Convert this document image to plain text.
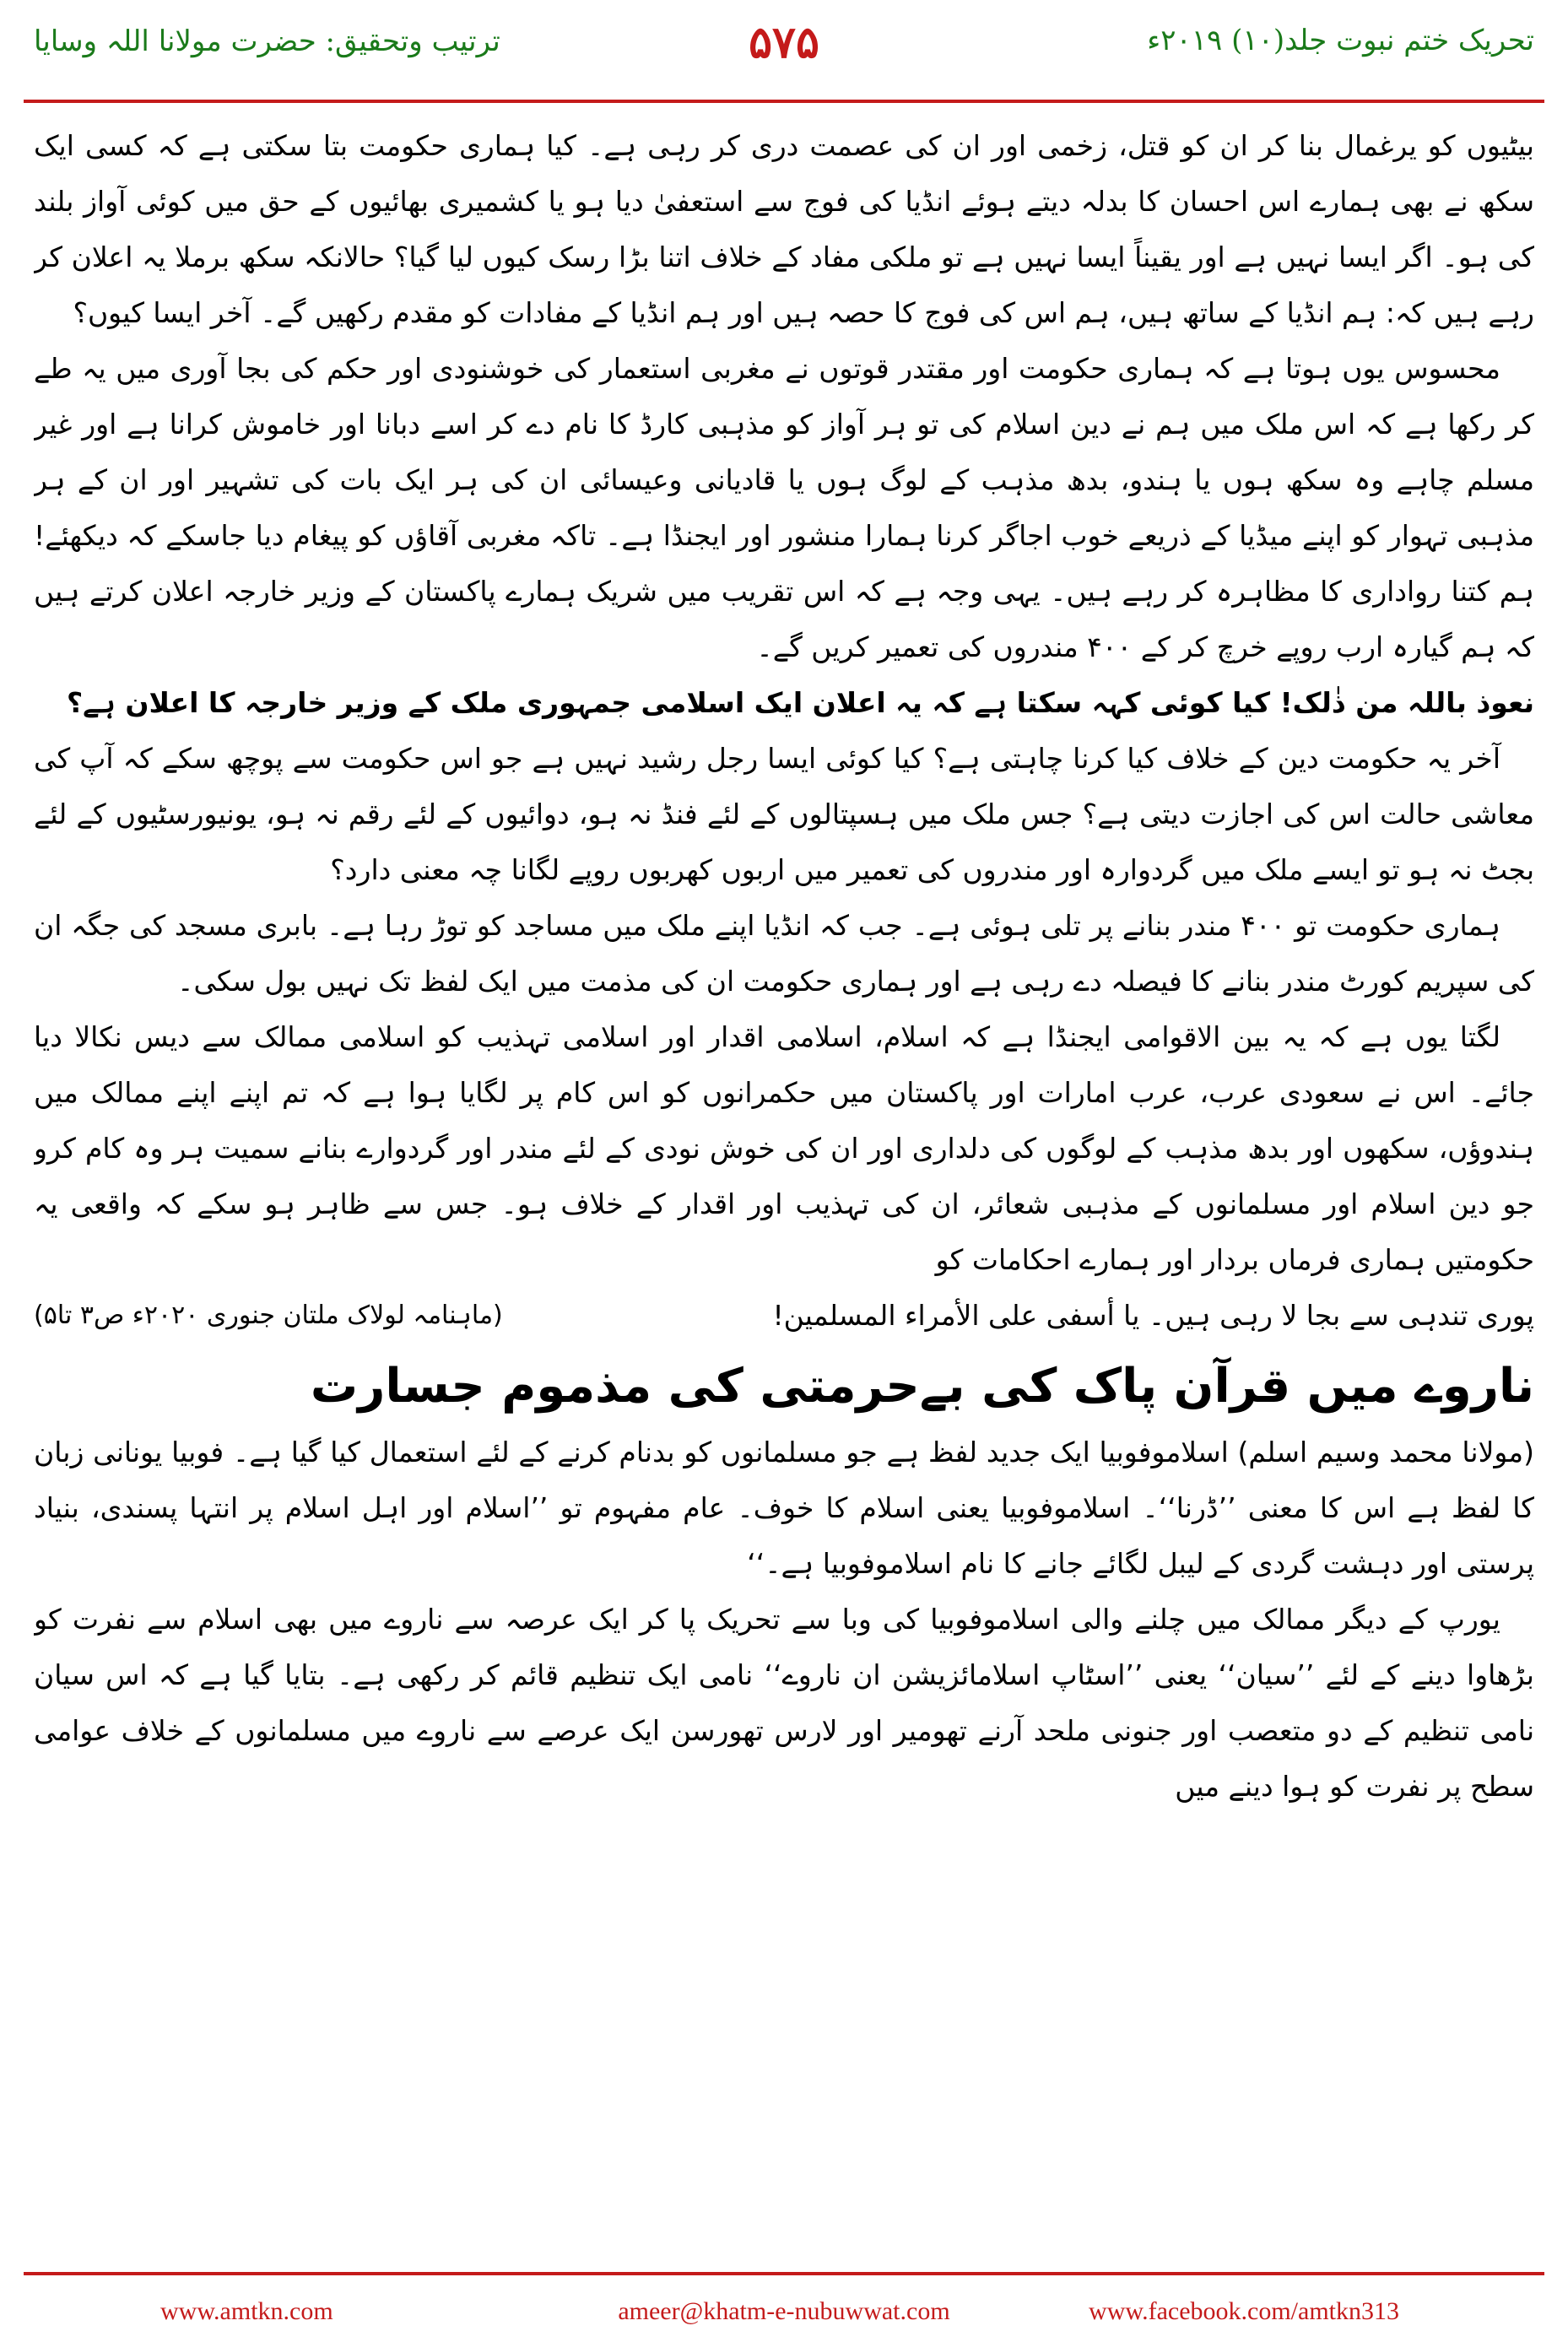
ترتیب وتحقیق: حضرت مولانا اللہ وسایا	۵۷۵	تحریک ختم نبوت جلد(۱۰) ۲۰۱۹ء

بیٹیوں کو یرغمال بنا کر ان کو قتل، زخمی اور ان کی عصمت دری کر رہی ہے۔ کیا ہماری حکومت بتا سکتی ہے کہ کسی ایک سکھ نے بھی ہمارے اس احسان کا بدلہ دیتے ہوئے انڈیا کی فوج سے استعفیٰ دیا ہو یا کشمیری بھائیوں کے حق میں کوئی آواز بلند کی ہو۔ اگر ایسا نہیں ہے اور یقیناً ایسا نہیں ہے تو ملکی مفاد کے خلاف اتنا بڑا رسک کیوں لیا گیا؟ حالانکہ سکھ برملا یہ اعلان کر رہے ہیں کہ: ہم انڈیا کے ساتھ ہیں، ہم اس کی فوج کا حصہ ہیں اور ہم انڈیا کے مفادات کو مقدم رکھیں گے۔ آخر ایسا کیوں؟

محسوس یوں ہوتا ہے کہ ہماری حکومت اور مقتدر قوتوں نے مغربی استعمار کی خوشنودی اور حکم کی بجا آوری میں یہ طے کر رکھا ہے کہ اس ملک میں ہم نے دین اسلام کی تو ہر آواز کو مذہبی کارڈ کا نام دے کر اسے دبانا اور خاموش کرانا ہے اور غیر مسلم چاہے وہ سکھ ہوں یا ہندو، بدھ مذہب کے لوگ ہوں یا قادیانی وعیسائی ان کی ہر ایک بات کی تشہیر اور ان کے ہر مذہبی تہوار کو اپنے میڈیا کے ذریعے خوب اجاگر کرنا ہمارا منشور اور ایجنڈا ہے۔ تاکہ مغربی آقاؤں کو پیغام دیا جاسکے کہ دیکھئے! ہم کتنا رواداری کا مظاہرہ کر رہے ہیں۔ یہی وجہ ہے کہ اس تقریب میں شریک ہمارے پاکستان کے وزیر خارجہ اعلان کرتے ہیں کہ ہم گیارہ ارب روپے خرچ کر کے ۴۰۰ مندروں کی تعمیر کریں گے۔

نعوذ باللہ من ذٰلک! کیا کوئی کہہ سکتا ہے کہ یہ اعلان ایک اسلامی جمہوری ملک کے وزیر خارجہ کا اعلان ہے؟

آخر یہ حکومت دین کے خلاف کیا کرنا چاہتی ہے؟ کیا کوئی ایسا رجل رشید نہیں ہے جو اس حکومت سے پوچھ سکے کہ آپ کی معاشی حالت اس کی اجازت دیتی ہے؟ جس ملک میں ہسپتالوں کے لئے فنڈ نہ ہو، دوائیوں کے لئے رقم نہ ہو، یونیورسٹیوں کے لئے بجٹ نہ ہو تو ایسے ملک میں گردوارہ اور مندروں کی تعمیر میں اربوں کھربوں روپے لگانا چہ معنی دارد؟

ہماری حکومت تو ۴۰۰ مندر بنانے پر تلی ہوئی ہے۔ جب کہ انڈیا اپنے ملک میں مساجد کو توڑ رہا ہے۔ بابری مسجد کی جگہ ان کی سپریم کورٹ مندر بنانے کا فیصلہ دے رہی ہے اور ہماری حکومت ان کی مذمت میں ایک لفظ تک نہیں بول سکی۔

لگتا یوں ہے کہ یہ بین الاقوامی ایجنڈا ہے کہ اسلام، اسلامی اقدار اور اسلامی تہذیب کو اسلامی ممالک سے دیس نکالا دیا جائے۔ اس نے سعودی عرب، عرب امارات اور پاکستان میں حکمرانوں کو اس کام پر لگایا ہوا ہے کہ تم اپنے اپنے ممالک میں ہندوؤں، سکھوں اور بدھ مذہب کے لوگوں کی دلداری اور ان کی خوش نودی کے لئے مندر اور گردوارے بنانے سمیت ہر وہ کام کرو جو دین اسلام اور مسلمانوں کے مذہبی شعائر، ان کی تہذیب اور اقدار کے خلاف ہو۔ جس سے ظاہر ہو سکے کہ واقعی یہ حکومتیں ہماری فرماں بردار اور ہمارے احکامات کو

پوری تندہی سے بجا لا رہی ہیں۔ یا أسفی علی الأمراء المسلمین!
(ماہنامہ لولاک ملتان جنوری ۲۰۲۰ء ص۳ تا۵)
ناروے میں قرآن پاک کی بےحرمتی کی مذموم جسارت

(مولانا محمد وسیم اسلم) اسلاموفوبیا ایک جدید لفظ ہے جو مسلمانوں کو بدنام کرنے کے لئے استعمال کیا گیا ہے۔ فوبیا یونانی زبان کا لفظ ہے اس کا معنی ’’ڈرنا‘‘۔ اسلاموفوبیا یعنی اسلام کا خوف۔ عام مفہوم تو ’’اسلام اور اہل اسلام پر انتہا پسندی، بنیاد پرستی اور دہشت گردی کے لیبل لگائے جانے کا نام اسلاموفوبیا ہے۔‘‘

یورپ کے دیگر ممالک میں چلنے والی اسلاموفوبیا کی وبا سے تحریک پا کر ایک عرصہ سے ناروے میں بھی اسلام سے نفرت کو بڑھاوا دینے کے لئے ’’سیان‘‘ یعنی ’’اسٹاپ اسلامائزیشن ان ناروے‘‘ نامی ایک تنظیم قائم کر رکھی ہے۔ بتایا گیا ہے کہ اس سیان نامی تنظیم کے دو متعصب اور جنونی ملحد آرنے تھومیر اور لارس تھورسن ایک عرصے سے ناروے میں مسلمانوں کے خلاف عوامی سطح پر نفرت کو ہوا دینے میں

www.amtkn.com	ameer@khatm-e-nubuwwat.com	www.facebook.com/amtkn313
